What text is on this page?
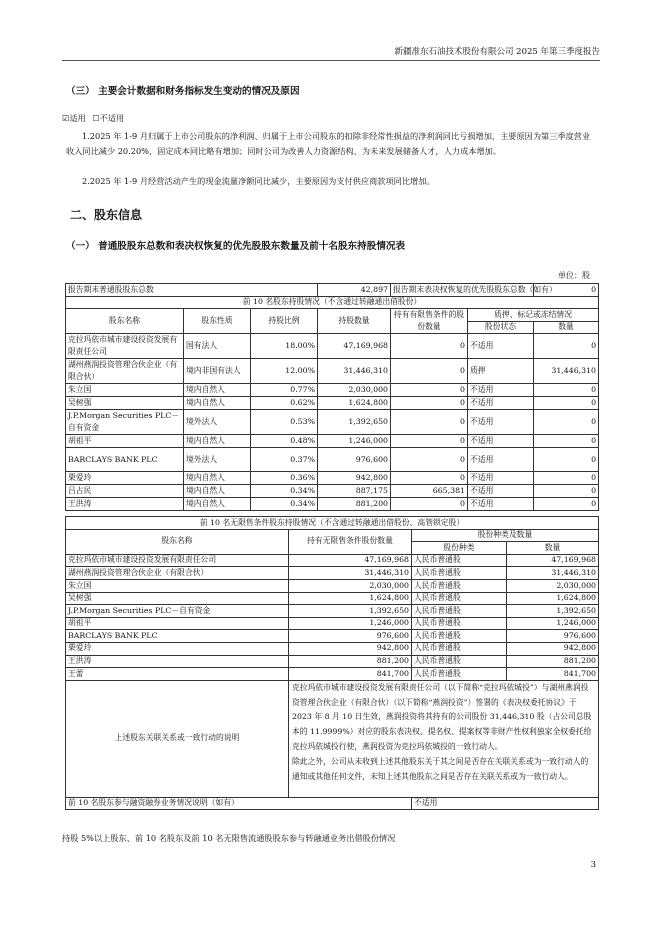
新疆准东石油技术股份有限公司 2025 年第三季度报告
（三） 主要会计数据和财务指标发生变动的情况及原因
☑适用 ☐不适用
1.2025 年 1-9 月归属于上市公司股东的净利润、归属于上市公司股东的扣除非经常性损益的净利润同比亏损增加，主要原因为第三季度营业收入同比减少 20.20%，固定成本同比略有增加；同时公司为改善人力资源结构、为未来发展储备人才，人力成本增加。
2.2025 年 1-9 月经营活动产生的现金流量净额同比减少，主要原因为支付供应商款项同比增加。
二、股东信息
（一） 普通股股东总数和表决权恢复的优先股股东数量及前十名股东持股情况表
单位：股
报告期末普通股股东总数			42,897	报告期末表决权恢复的优先股股东总数（如有）		0
前 10 名股东持股情况（不含通过转融通出借股份）						
股东名称	股东性质	持股比例	持股数量	持有有限售条件的股份数量	质押、标记或冻结情况	
					股份状态	数量
克拉玛依市城市建设投资发展有限责任公司	国有法人	18.00%	47,169,968	0	不适用	0
湖州燕润投资管理合伙企业（有限合伙）	境内非国有法人	12.00%	31,446,310	0	质押	31,446,310
朱立国	境内自然人	0.77%	2,030,000	0	不适用	0
吴树强	境内自然人	0.62%	1,624,800	0	不适用	0
J.P.Morgan Securities PLC－自有资金	境外法人	0.53%	1,392,650	0	不适用	0
胡祖平	境内自然人	0.48%	1,246,000	0	不适用	0
BARCLAYS BANK PLC	境外法人	0.37%	976,600	0	不适用	0
栗爱玲	境内自然人	0.36%	942,800	0	不适用	0
吕占民	境内自然人	0.34%	887,175	665,381	不适用	0
王洪涛	境内自然人	0.34%	881,200	0	不适用	0
前 10 名无限售条件股东持股情况（不含通过转融通出借股份、高管锁定股）			
股东名称	持有无限售条件股份数量	股份种类及数量	
		股份种类	数量
克拉玛依市城市建设投资发展有限责任公司	47,169,968	人民币普通股	47,169,968
湖州燕润投资管理合伙企业（有限合伙）	31,446,310	人民币普通股	31,446,310
朱立国	2,030,000	人民币普通股	2,030,000
吴树强	1,624,800	人民币普通股	1,624,800
J.P.Morgan Securities PLC－自有资金	1,392,650	人民币普通股	1,392,650
胡祖平	1,246,000	人民币普通股	1,246,000
BARCLAYS BANK PLC	976,600	人民币普通股	976,600
栗爱玲	942,800	人民币普通股	942,800
王洪涛	881,200	人民币普通股	881,200
王蕾	841,700	人民币普通股	841,700
上述股东关联关系或一致行动的说明	克拉玛依市城市建设投资发展有限责任公司（以下简称“克拉玛依城投”）与湖州燕润投资管理合伙企业（有限合伙）（以下简称“燕润投资”）签署的《表决权委托协议》于 2023 年 8 月 10 日生效，燕润投资将其持有的公司股份 31,446,310 股（占公司总股本的 11.9999%）对应的股东表决权、提名权、提案权等非财产性权利独家全权委托给克拉玛依城投行使，燕润投资为克拉玛依城投的一致行动人。
除此之外，公司从未收到上述其他股东关于其之间是否存在关联关系或为一致行动人的通知或其他任何文件，未知上述其他股东之间是否存在关联关系或为一致行动人。		

前 10 名股东参与融资融券业务情况说明（如有）		不适用	
持股 5%以上股东、前 10 名股东及前 10 名无限售流通股股东参与转融通业务出借股份情况
3
